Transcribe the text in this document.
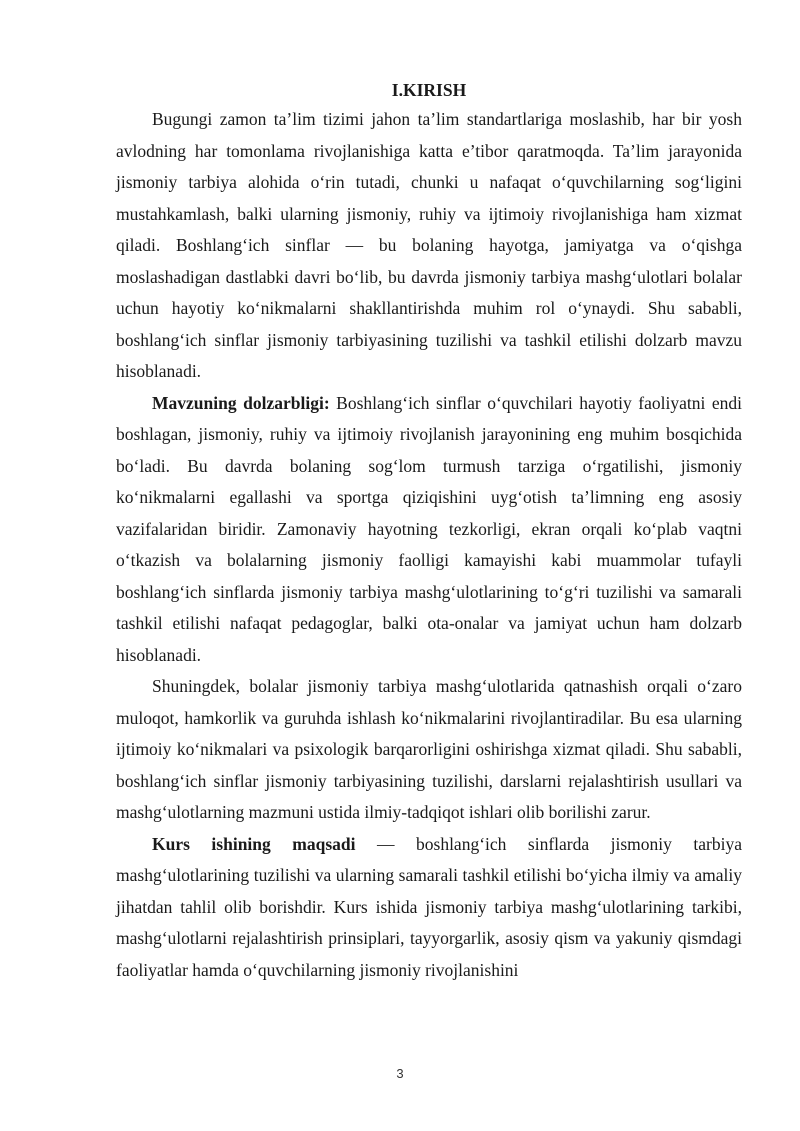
I.KIRISH

Bugungi zamon ta’lim tizimi jahon ta’lim standartlariga moslashib, har bir yosh avlodning har tomonlama rivojlanishiga katta e’tibor qaratmoqda. Ta’lim jarayonida jismoniy tarbiya alohida o‘rin tutadi, chunki u nafaqat o‘quvchilarning sog‘ligini mustahkamlash, balki ularning jismoniy, ruhiy va ijtimoiy rivojlanishiga ham xizmat qiladi. Boshlang‘ich sinflar — bu bolaning hayotga, jamiyatga va o‘qishga moslashadigan dastlabki davri bo‘lib, bu davrda jismoniy tarbiya mashg‘ulotlari bolalar uchun hayotiy ko‘nikmalarni shakllantirishda muhim rol o‘ynaydi. Shu sababli, boshlang‘ich sinflar jismoniy tarbiyasining tuzilishi va tashkil etilishi dolzarb mavzu hisoblanadi.

Mavzuning dolzarbligi: Boshlang‘ich sinflar o‘quvchilari hayotiy faoliyatni endi boshlagan, jismoniy, ruhiy va ijtimoiy rivojlanish jarayonining eng muhim bosqichida bo‘ladi. Bu davrda bolaning sog‘lom turmush tarziga o‘rgatilishi, jismoniy ko‘nikmalarni egallashi va sportga qiziqishini uyg‘otish ta’limning eng asosiy vazifalaridan biridir. Zamonaviy hayotning tezkorligi, ekran orqali ko‘plab vaqtni o‘tkazish va bolalarning jismoniy faolligi kamayishi kabi muammolar tufayli boshlang‘ich sinflarda jismoniy tarbiya mashg‘ulotlarining to‘g‘ri tuzilishi va samarali tashkil etilishi nafaqat pedagoglar, balki ota-onalar va jamiyat uchun ham dolzarb hisoblanadi.

Shuningdek, bolalar jismoniy tarbiya mashg‘ulotlarida qatnashish orqali o‘zaro muloqot, hamkorlik va guruhda ishlash ko‘nikmalarini rivojlantiradilar. Bu esa ularning ijtimoiy ko‘nikmalari va psixologik barqarorligini oshirishga xizmat qiladi. Shu sababli, boshlang‘ich sinflar jismoniy tarbiyasining tuzilishi, darslarni rejalashtirish usullari va mashg‘ulotlarning mazmuni ustida ilmiy-tadqiqot ishlari olib borilishi zarur.

Kurs ishining maqsadi — boshlang‘ich sinflarda jismoniy tarbiya mashg‘ulotlarining tuzilishi va ularning samarali tashkil etilishi bo‘yicha ilmiy va amaliy jihatdan tahlil olib borishdir. Kurs ishida jismoniy tarbiya mashg‘ulotlarining tarkibi, mashg‘ulotlarni rejalashtirish prinsiplari, tayyorgarlik, asosiy qism va yakuniy qismdagi faoliyatlar hamda o‘quvchilarning jismoniy rivojlanishini

3
